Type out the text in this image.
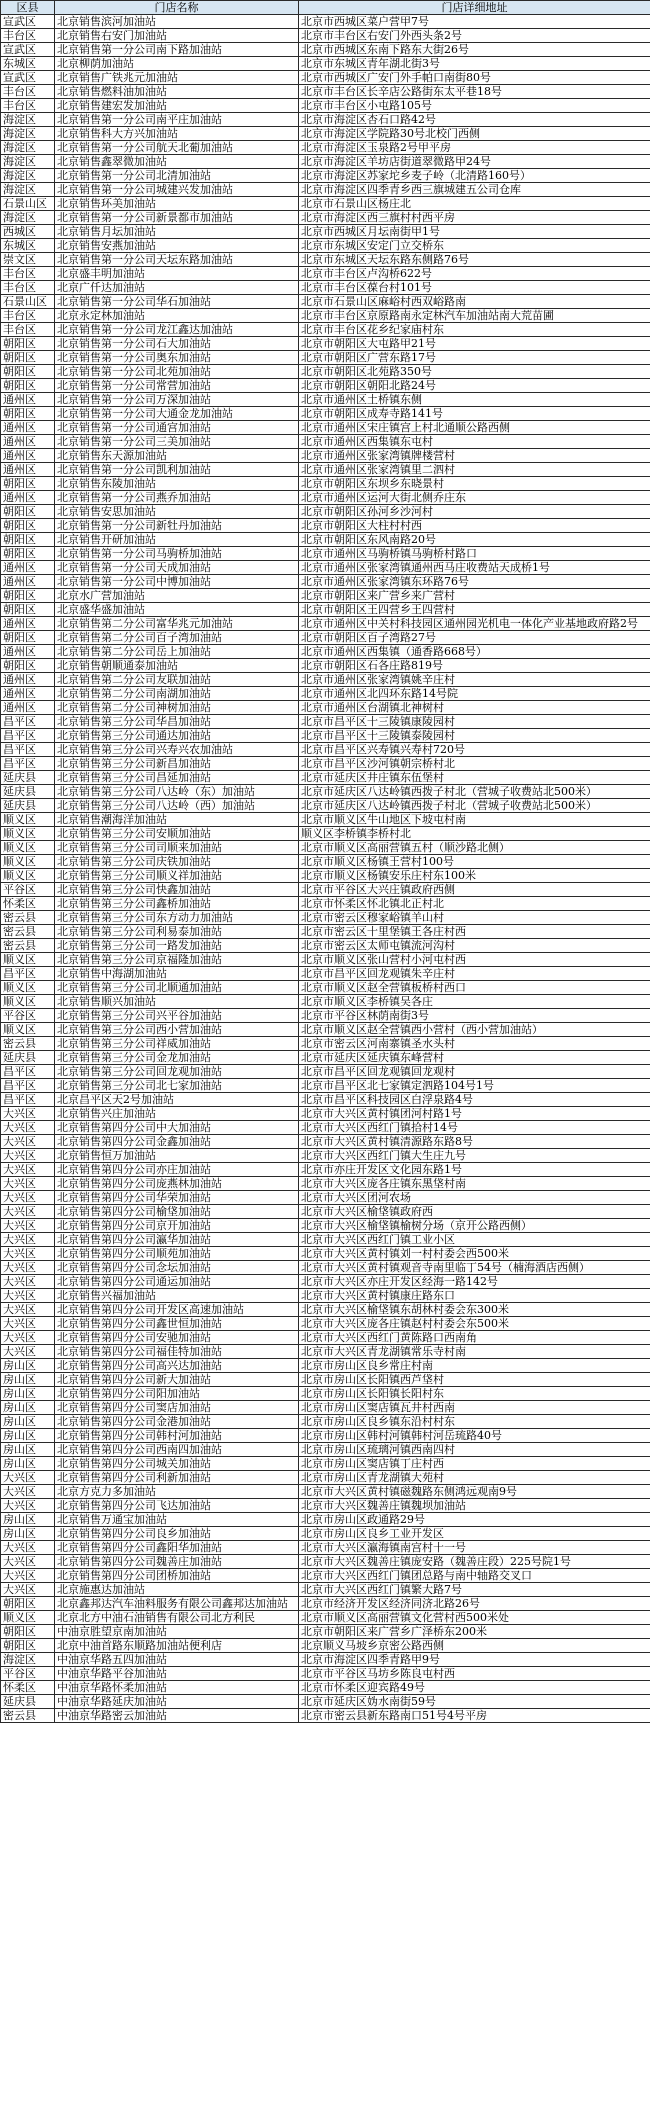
区县	门店名称	门店详细地址
宣武区	北京销售滨河加油站	北京市西城区菜户营甲7号
丰台区	北京销售右安门加油站	北京市丰台区右安门外西头条2号
宣武区	北京销售第一分公司南下路加油站	北京市西城区东南下路东大街26号
东城区	北京柳荫加油站	北京市东城区青年湖北街3号
宣武区	北京销售广铁兆元加油站	北京市西城区广安门外手帕口南街80号
丰台区	北京销售燃料油加油站	北京市丰台区长辛店公路街东太平巷18号
丰台区	北京销售建宏发加油站	北京市丰台区小屯路105号
海淀区	北京销售第一分公司南平庄加油站	北京市海淀区杏石口路42号
海淀区	北京销售科大方兴加油站	北京市海淀区学院路30号北校门西侧
海淀区	北京销售第一分公司航天北葡加油站	北京市海淀区玉泉路2号甲平房
海淀区	北京销售鑫翠微加油站	北京市海淀区羊坊店街道翠微路甲24号
海淀区	北京销售第一分公司北清加油站	北京市海淀区苏家坨乡麦子岭（北清路160号）
海淀区	北京销售第一分公司城建兴发加油站	北京市海淀区四季青乡西三旗城建五公司仓库
石景山区	北京销售环美加油站	北京市石景山区杨庄北
海淀区	北京销售第一分公司新景都市加油站	北京市海淀区西三旗村村西平房
西城区	北京销售月坛加油站	北京市西城区月坛南街甲1号
东城区	北京销售安燕加油站	北京市东城区安定门立交桥东
崇文区	北京销售第一分公司天坛东路加油站	北京市东城区天坛东路东侧路76号
丰台区	北京盛丰明加油站	北京市丰台区卢沟桥622号
丰台区	北京广仟达加油站	北京市丰台区葆台村101号
石景山区	北京销售第一分公司华石加油站	北京市石景山区麻峪村西双峪路南
丰台区	北京永定林加油站	北京市丰台区京原路南永定林汽车加油站南大荒苗圃
丰台区	北京销售第一分公司龙江鑫达加油站	北京市丰台区花乡纪家庙村东
朝阳区	北京销售第一分公司石大加油站	北京市朝阳区大屯路甲21号
朝阳区	北京销售第一分公司奥东加油站	北京市朝阳区广营东路17号
朝阳区	北京销售第一分公司北苑加油站	北京市朝阳区北苑路350号
朝阳区	北京销售第一分公司常营加油站	北京市朝阳区朝阳北路24号
通州区	北京销售第一分公司万深加油站	北京市通州区土桥镇东侧
朝阳区	北京销售第一分公司大通金龙加油站	北京市朝阳区成寿寺路141号
通州区	北京销售第一分公司通宫加油站	北京市通州区宋庄镇宫上村北通顺公路西侧
通州区	北京销售第一分公司三美加油站	北京市通州区西集镇东屯村
通州区	北京销售东天源加油站	北京市通州区张家湾镇牌楼营村
通州区	北京销售第一分公司凯利加油站	北京市通州区张家湾镇里二泗村
朝阳区	北京销售东陵加油站	北京市朝阳区东坝乡东晓景村
通州区	北京销售第一分公司燕乔加油站	北京市通州区运河大街北侧乔庄东
朝阳区	北京销售安思加油站	北京市朝阳区孙河乡沙河村
朝阳区	北京销售第一分公司新牡丹加油站	北京市朝阳区大柱村村西
朝阳区	北京销售开研加油站	北京市朝阳区东风南路20号
朝阳区	北京销售第一分公司马驹桥加油站	北京市通州区马驹桥镇马驹桥村路口
通州区	北京销售第一分公司天成加油站	北京市通州区张家湾镇通州西马庄收费站天成桥1号
通州区	北京销售第一分公司中博加油站	北京市通州区张家湾镇东环路76号
朝阳区	北京水广营加油站	北京市朝阳区来广营乡来广营村
朝阳区	北京盛华盛加油站	北京市朝阳区王四营乡王四营村
通州区	北京销售第二分公司富华兆元加油站	北京市通州区中关村科技园区通州园光机电一体化产业基地政府路2号
朝阳区	北京销售第二分公司百子湾加油站	北京市朝阳区百子湾路27号
通州区	北京销售第二分公司岳上加油站	北京市通州区西集镇（通香路668号）
朝阳区	北京销售朝顺通泰加油站	北京市朝阳区石各庄路819号
通州区	北京销售第二分公司友联加油站	北京市通州区张家湾镇姚辛庄村
通州区	北京销售第二分公司南湖加油站	北京市通州区北四环东路14号院
通州区	北京销售第二分公司神树加油站	北京市通州区台湖镇北神树村
昌平区	北京销售第三分公司华昌加油站	北京市昌平区十三陵镇康陵园村
昌平区	北京销售第三分公司通达加油站	北京市昌平区十三陵镇泰陵园村
昌平区	北京销售第三分公司兴寿兴农加油站	北京市昌平区兴寿镇兴寿村720号
昌平区	北京销售第三分公司新昌加油站	北京市昌平区沙河镇朝宗桥村北
延庆县	北京销售第三分公司昌延加油站	北京市延庆区井庄镇东伍堡村
延庆县	北京销售第三分公司八达岭（东）加油站	北京市延庆区八达岭镇西拨子村北（营城子收费站北500米）
延庆县	北京销售第三分公司八达岭（西）加油站	北京市延庆区八达岭镇西拨子村北（营城子收费站北500米）
顺义区	北京销售潮海洋加油站	北京市顺义区牛山地区下坡屯村南
顺义区	北京销售第三分公司安顺加油站	顺义区李桥镇李桥村北
顺义区	北京销售第三分公司司顺来加油站	北京市顺义区高丽营镇五村（顺沙路北侧）
顺义区	北京销售第三分公司庆铁加油站	北京市顺义区杨镇王营村100号
顺义区	北京销售第三分公司顺义祥加油站	北京市顺义区杨镇安乐庄村东100米
平谷区	北京销售第三分公司快鑫加油站	北京市平谷区大兴庄镇政府西侧
怀柔区	北京销售第三分公司鑫桥加油站	北京市怀柔区怀北镇北正村北
密云县	北京销售第三分公司东方动力加油站	北京市密云区穆家峪镇羊山村
密云县	北京销售第三分公司利易泰加油站	北京市密云区十里堡镇王各庄村西
密云县	北京销售第三分公司一路发加油站	北京市密云区太师屯镇流河沟村
顺义区	北京销售第三分公司京福隆加油站	北京市顺义区张山营村小河屯村西
昌平区	北京销售中海湖加油站	北京市昌平区回龙观镇朱辛庄村
顺义区	北京销售第三分公司北顺通加油站	北京市顺义区赵全营镇板桥村西口
顺义区	北京销售顺兴加油站	北京市顺义区李桥镇吴各庄
平谷区	北京销售第三分公司兴平谷加油站	北京市平谷区林荫南街3号
顺义区	北京销售第三分公司西小营加油站	北京市顺义区赵全营镇西小营村（西小营加油站）
密云县	北京销售第三分公司祥威加油站	北京市密云区河南寨镇圣水头村
延庆县	北京销售第三分公司金龙加油站	北京市延庆区延庆镇东峰营村
昌平区	北京销售第三分公司回龙观加油站	北京市昌平区回龙观镇回龙观村
昌平区	北京销售第三分公司北七家加油站	北京市昌平区北七家镇定泗路104号1号
昌平区	北京昌平区天2号加油站	北京市昌平区科技园区白浮泉路4号
大兴区	北京销售兴庄加油站	北京市大兴区黄村镇团河村路1号
大兴区	北京销售第四分公司中大加油站	北京市大兴区西红门镇拾村14号
大兴区	北京销售第四分公司金鑫加油站	北京市大兴区黄村镇清源路东路8号
大兴区	北京销售恒万加油站	北京市大兴区西红门镇大生庄九号
大兴区	北京销售第四分公司亦庄加油站	北京市亦庄开发区文化园东路1号
大兴区	北京销售第四分公司庞燕林加油站	北京市大兴区庞各庄镇东黑垡村南
大兴区	北京销售第四分公司华荣加油站	北京市大兴区团河农场
大兴区	北京销售第四分公司榆垡加油站	北京市大兴区榆垡镇政府西
大兴区	北京销售第四分公司京开加油站	北京市大兴区榆垡镇榆树分场（京开公路西侧）
大兴区	北京销售第四分公司瀛华加油站	北京市大兴区西红门镇工业小区
大兴区	北京销售第四分公司顺苑加油站	北京市大兴区黄村镇刘一村村委会西500米
大兴区	北京销售第四分公司念坛加油站	北京市大兴区黄村镇观音寺南里临丁54号（楠海酒店西侧）
大兴区	北京销售第四分公司通运加油站	北京市大兴区亦庄开发区经海一路142号
大兴区	北京销售兴福加油站	北京市大兴区黄村镇康庄路东口
大兴区	北京销售第四分公司开发区高速加油站	北京市大兴区榆垡镇东胡林村委会东300米
大兴区	北京销售第四分公司鑫世恒加油站	北京市大兴区庞各庄镇赵村村委会东500米
大兴区	北京销售第四分公司安驰加油站	北京市大兴区西红门黄陈路口西南角
大兴区	北京销售第四分公司福佳特加油站	北京市大兴区青龙湖镇常乐寺村南
房山区	北京销售第四分公司高兴达加油站	北京市房山区良乡常庄村南
房山区	北京销售第四分公司新大加油站	北京市房山区长阳镇西芦垡村
房山区	北京销售第四分公司阳加油站	北京市房山区长阳镇长阳村东
房山区	北京销售第四分公司窦店加油站	北京市房山区窦店镇瓦井村西南
房山区	北京销售第四分公司金港加油站	北京市房山区良乡镇东沿村村东
房山区	北京销售第四分公司韩村河加油站	北京市房山区韩村河镇韩村河岳琉路40号
房山区	北京销售第四分公司西南四加油站	北京市房山区琉璃河镇西南四村
房山区	北京销售第四分公司城关加油站	北京市房山区窦店镇丁庄村西
大兴区	北京销售第四分公司利新加油站	北京市房山区青龙湖镇大苑村
大兴区	北京方克力多加油站	北京市大兴区黄村镇磁魏路东侧鸿远观南9号
大兴区	北京销售第四分公司飞达加油站	北京市大兴区魏善庄镇魏坝加油站
房山区	北京销售万通宝加油站	北京市房山区政通路29号
房山区	北京销售第四分公司良乡加油站	北京市房山区良乡工业开发区
大兴区	北京销售第四分公司鑫阳华加油站	北京市大兴区瀛海镇南宫村十一号
大兴区	北京销售第四分公司魏善庄加油站	北京市大兴区魏善庄镇庞安路（魏善庄段）225号院1号
大兴区	北京销售第四分公司团桥加油站	北京市大兴区西红门镇团总路与南中轴路交叉口
大兴区	北京施惠达加油站	北京市大兴区西红门镇繁大路7号
朝阳区	北京鑫邦达汽车油料服务有限公司鑫邦达加油站	北京市经济开发区经济同济北路26号
顺义区	北京北方中油石油销售有限公司北方利民	北京市顺义区高丽营镇文化营村西500米处
朝阳区	中油京胜望京南加油站	北京市朝阳区来广营乡广泽桥东200米
朝阳区	北京中油首路东顺路加油站便利店	北京顺义马坡乡京密公路西侧
海淀区	中油京华路五四加油站	北京市海淀区四季青路甲9号
平谷区	中油京华路平谷加油站	北京市平谷区马坊乡陈良屯村西
怀柔区	中油京华路怀柔加油站	北京市怀柔区迎宾路49号
延庆县	中油京华路延庆加油站	北京市延庆区妫水南街59号
密云县	中油京华路密云加油站	北京市密云县新东路南口51号4号平房
